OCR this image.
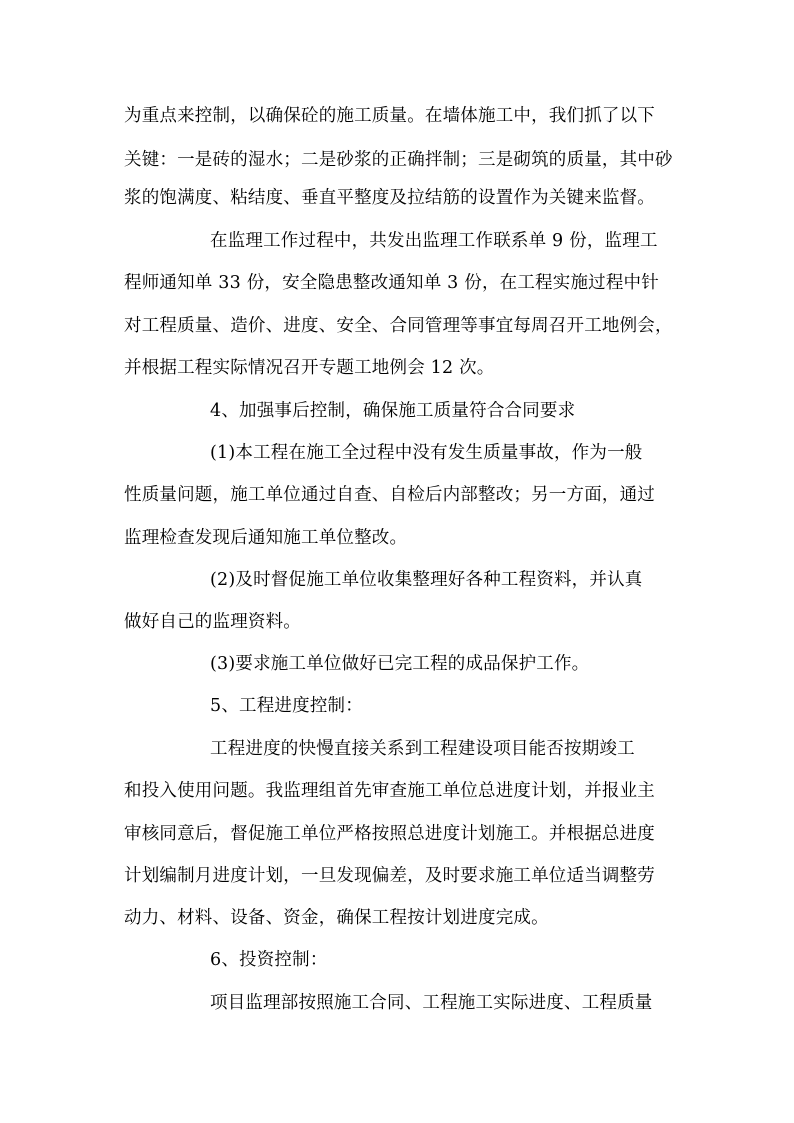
为重点来控制，以确保砼的施工质量。在墙体施工中，我们抓了以下
关键：一是砖的湿水；二是砂浆的正确拌制；三是砌筑的质量，其中砂
浆的饱满度、粘结度、垂直平整度及拉结筋的设置作为关键来监督。
在监理工作过程中，共发出监理工作联系单 9 份，监理工
程师通知单 33 份，安全隐患整改通知单 3 份，在工程实施过程中针
对工程质量、造价、进度、安全、合同管理等事宜每周召开工地例会，
并根据工程实际情况召开专题工地例会 12 次。
4、加强事后控制，确保施工质量符合合同要求
(1)本工程在施工全过程中没有发生质量事故，作为一般
性质量问题，施工单位通过自查、自检后内部整改；另一方面，通过
监理检查发现后通知施工单位整改。
(2)及时督促施工单位收集整理好各种工程资料，并认真
做好自己的监理资料。
(3)要求施工单位做好已完工程的成品保护工作。
5、工程进度控制：
工程进度的快慢直接关系到工程建设项目能否按期竣工
和投入使用问题。我监理组首先审查施工单位总进度计划，并报业主
审核同意后，督促施工单位严格按照总进度计划施工。并根据总进度
计划编制月进度计划，一旦发现偏差，及时要求施工单位适当调整劳
动力、材料、设备、资金，确保工程按计划进度完成。
6、投资控制：
项目监理部按照施工合同、工程施工实际进度、工程质量
